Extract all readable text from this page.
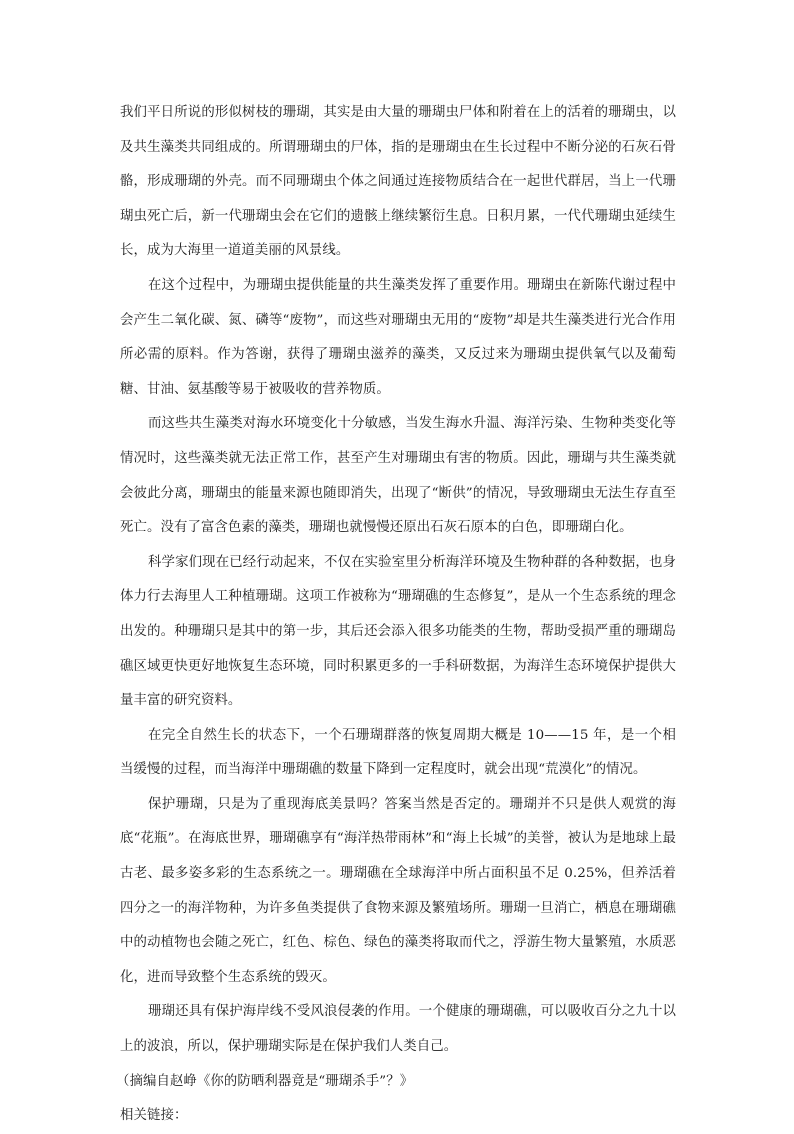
我们平日所说的形似树枝的珊瑚，其实是由大量的珊瑚虫尸体和附着在上的活着的珊瑚虫，以及共生藻类共同组成的。所谓珊瑚虫的尸体，指的是珊瑚虫在生长过程中不断分泌的石灰石骨骼，形成珊瑚的外壳。而不同珊瑚虫个体之间通过连接物质结合在一起世代群居，当上一代珊瑚虫死亡后，新一代珊瑚虫会在它们的遗骸上继续繁衍生息。日积月累，一代代珊瑚虫延续生长，成为大海里一道道美丽的风景线。

在这个过程中，为珊瑚虫提供能量的共生藻类发挥了重要作用。珊瑚虫在新陈代谢过程中会产生二氧化碳、氮、磷等“废物”，而这些对珊瑚虫无用的“废物”却是共生藻类进行光合作用所必需的原料。作为答谢，获得了珊瑚虫滋养的藻类，又反过来为珊瑚虫提供氧气以及葡萄糖、甘油、氨基酸等易于被吸收的营养物质。

而这些共生藻类对海水环境变化十分敏感，当发生海水升温、海洋污染、生物种类变化等情况时，这些藻类就无法正常工作，甚至产生对珊瑚虫有害的物质。因此，珊瑚与共生藻类就会彼此分离，珊瑚虫的能量来源也随即消失，出现了“断供”的情况，导致珊瑚虫无法生存直至死亡。没有了富含色素的藻类，珊瑚也就慢慢还原出石灰石原本的白色，即珊瑚白化。

科学家们现在已经行动起来，不仅在实验室里分析海洋环境及生物种群的各种数据，也身体力行去海里人工种植珊瑚。这项工作被称为“珊瑚礁的生态修复”，是从一个生态系统的理念出发的。种珊瑚只是其中的第一步，其后还会添入很多功能类的生物，帮助受损严重的珊瑚岛礁区域更快更好地恢复生态环境，同时积累更多的一手科研数据，为海洋生态环境保护提供大量丰富的研究资料。

在完全自然生长的状态下，一个石珊瑚群落的恢复周期大概是 10——15 年，是一个相当缓慢的过程，而当海洋中珊瑚礁的数量下降到一定程度时，就会出现“荒漠化”的情况。

保护珊瑚，只是为了重现海底美景吗？答案当然是否定的。珊瑚并不只是供人观赏的海底“花瓶”。在海底世界，珊瑚礁享有“海洋热带雨林”和“海上长城”的美誉，被认为是地球上最古老、最多姿多彩的生态系统之一。珊瑚礁在全球海洋中所占面积虽不足 0.25%，但养活着四分之一的海洋物种，为许多鱼类提供了食物来源及繁殖场所。珊瑚一旦消亡，栖息在珊瑚礁中的动植物也会随之死亡，红色、棕色、绿色的藻类将取而代之，浮游生物大量繁殖，水质恶化，进而导致整个生态系统的毁灭。

珊瑚还具有保护海岸线不受风浪侵袭的作用。一个健康的珊瑚礁，可以吸收百分之九十以上的波浪，所以，保护珊瑚实际是在保护我们人类自己。

（摘编自赵峥《你的防晒利器竟是“珊瑚杀手”？》

相关链接：
